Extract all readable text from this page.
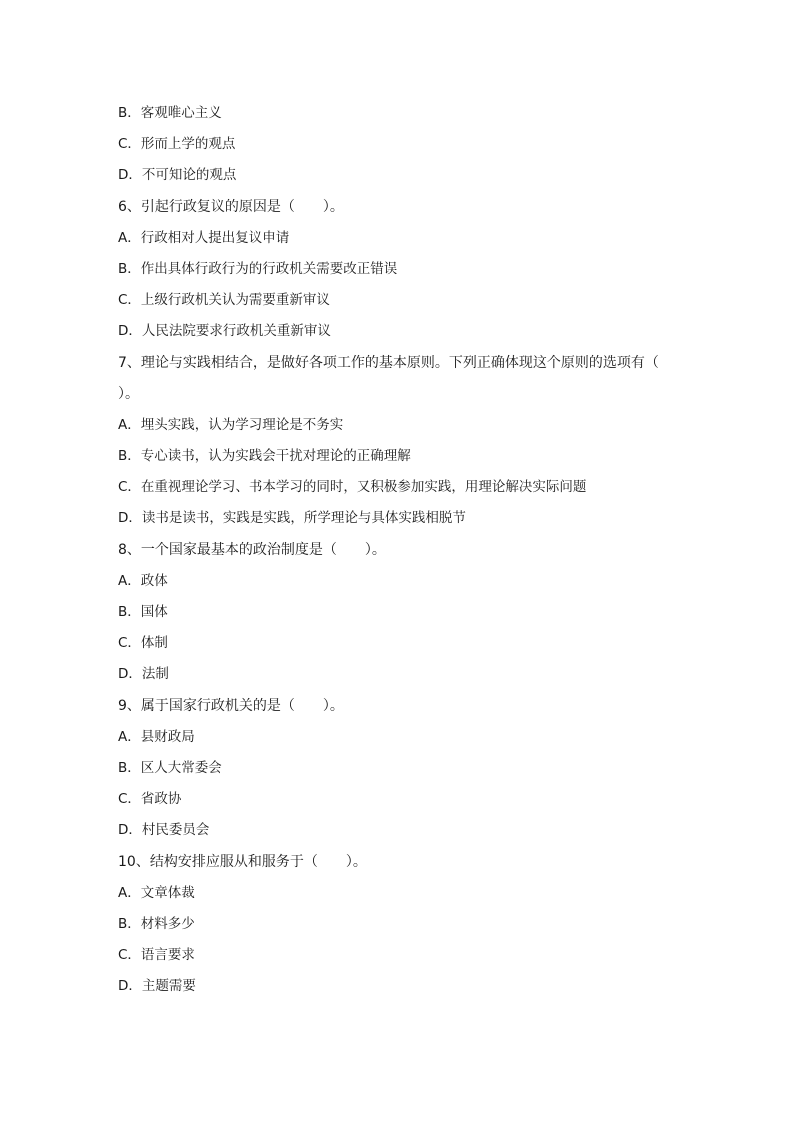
B．客观唯心主义
C．形而上学的观点
D．不可知论的观点
6、引起行政复议的原因是（　　）。
A．行政相对人提出复议申请
B．作出具体行政行为的行政机关需要改正错误
C．上级行政机关认为需要重新审议
D．人民法院要求行政机关重新审议
7、理论与实践相结合，是做好各项工作的基本原则。下列正确体现这个原则的选项有（
）。
A．埋头实践，认为学习理论是不务实
B．专心读书，认为实践会干扰对理论的正确理解
C．在重视理论学习、书本学习的同时，又积极参加实践，用理论解决实际问题
D．读书是读书，实践是实践，所学理论与具体实践相脱节
8、一个国家最基本的政治制度是（　　）。
A．政体
B．国体
C．体制
D．法制
9、属于国家行政机关的是（　　）。
A．县财政局
B．区人大常委会
C．省政协
D．村民委员会
10、结构安排应服从和服务于（　　）。
A．文章体裁
B．材料多少
C．语言要求
D．主题需要
